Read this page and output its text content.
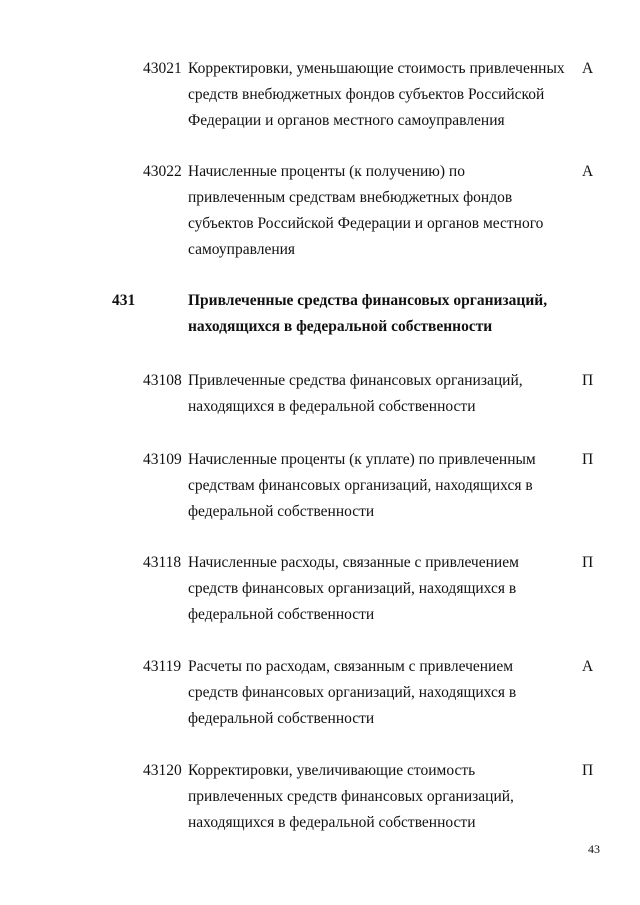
43021 Корректировки, уменьшающие стоимость привлеченных
средств внебюджетных фондов субъектов Российской
Федерации и органов местного самоуправления
А
43022 Начисленные проценты (к получению) по
привлеченным средствам внебюджетных фондов
субъектов Российской Федерации и органов местного
самоуправления
А
431	Привлеченные средства финансовых организаций,
находящихся в федеральной собственности
43108 Привлеченные средства финансовых организаций,
находящихся в федеральной собственности
П
43109 Начисленные проценты (к уплате) по привлеченным
средствам финансовых организаций, находящихся в
федеральной собственности
П
43118 Начисленные расходы, связанные с привлечением
средств финансовых организаций, находящихся в
федеральной собственности
П
43119 Расчеты по расходам, связанным с привлечением
средств финансовых организаций, находящихся в
федеральной собственности
А
43120 Корректировки, увеличивающие стоимость
привлеченных средств финансовых организаций,
находящихся в федеральной собственности
П
43
